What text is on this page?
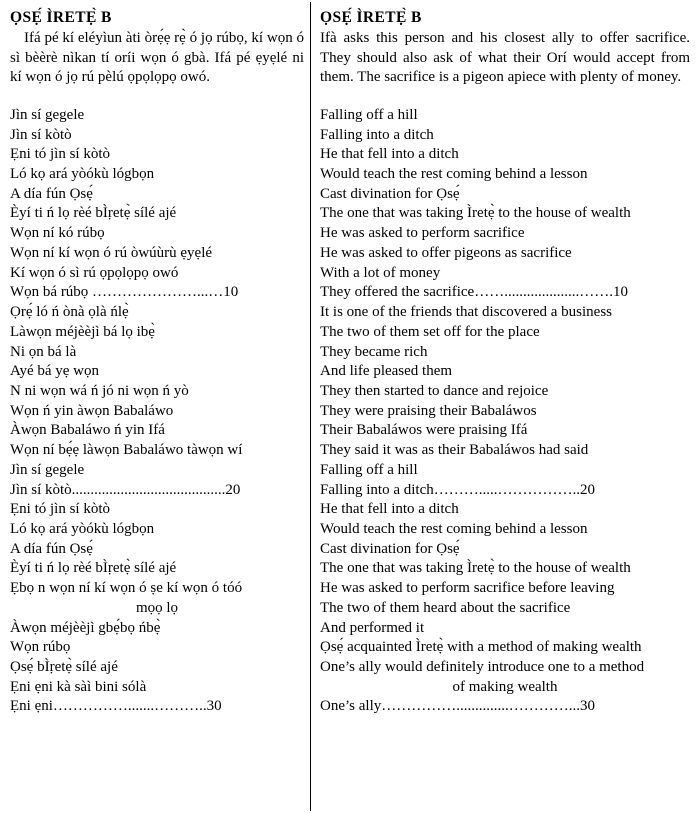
ỌSẸ́ ÌRETẸ̀ B

Ifá pé kí eléyìun àti òrẹ́ẹ rẹ̀ ó jọ rúbọ, kí wọn ó sì bèèrè nìkan tí oríi wọn ó gbà. Ifá pé ẹyẹlé ni kí wọn ó jọ rú pèlú ọpọlọpọ owó.

Jìn sí gegele
Jìn sí kòtò
Ẹni tó jìn sí kòtò
Ló kọ ará yòókù lógbọn
A día fún Ọsẹ́
Èyí ti ń lọ rèé bÌṛetẹ̀ sílé ajé
Wọn ní kó rúbọ
Wọn ní kí wọn ó rú òwúùrù ẹyẹlé
Kí wọn ó sì rú ọpọlọpọ owó
Wọn bá rúbọ …………………...…10
Ọrẹ́ ló ń ònà ọlà ńlẹ̀
Làwọn méjèèjì bá lọ ibẹ̀
Ni ọn bá là
Ayé bá yẹ wọn
N ni wọn wá ń jó ni wọn ń yò
Wọn ń yin àwọn Babaláwo
Àwọn Babaláwo ń yin Ifá
Wọn ní bẹ́ẹ làwọn Babaláwo tàwọn wí
Jìn sí gegele
Jìn sí kòtò.........................................20
Ẹni tó jìn sí kòtò
Ló kọ ará yòókù lógbọn
A día fún Ọsẹ́
Èyí ti ń lọ rèé bÌṛetẹ̀ sílé ajé
Ẹbọ n wọn ní kí wọn ó ṣe kí wọn ó tóó
mọọ lọ
Àwọn méjèèjì gbẹ́bọ ńbẹ̀
Wọn rúbọ
Ọsẹ́ bÌṛetẹ̀ sílé ajé
Ẹni ẹni kà sàì bini sólà
Ẹni ẹni…………….......………..30
ỌSẸ́ ÌRETẸ̀ B

Ifà asks this person and his closest ally to offer sacrifice. They should also ask of what their Orí would accept from them. The sacrifice is a pigeon apiece with plenty of money.

Falling off a hill
Falling into a ditch
He that fell into a ditch
Would teach the rest coming behind a lesson
Cast divination for Ọsẹ́
The one that was taking Ìretẹ̀ to the house of wealth
He was asked to perform sacrifice
He was asked to offer pigeons as sacrifice
With a lot of money
They offered the sacrifice……....................…….10
It is one of the friends that discovered a business
The two of them set off for the place
They became rich
And life pleased them
They then started to dance and rejoice
They were praising their Babaláwos
Their Babaláwos were praising Ifá
They said it was as their Babaláwos had said
Falling off a hill
Falling into a ditch……….....……………..20
He that fell into a ditch
Would teach the rest coming behind a lesson
Cast divination for Ọsẹ́
The one that was taking Ìretẹ̀ to the house of wealth
He was asked to perform sacrifice before leaving
The two of them heard about the sacrifice
And performed it
Ọsẹ́ acquainted Ìretẹ̀ with a method of making wealth
One’s ally would definitely introduce one to a method
of making wealth
One’s ally……………..............…………...30
